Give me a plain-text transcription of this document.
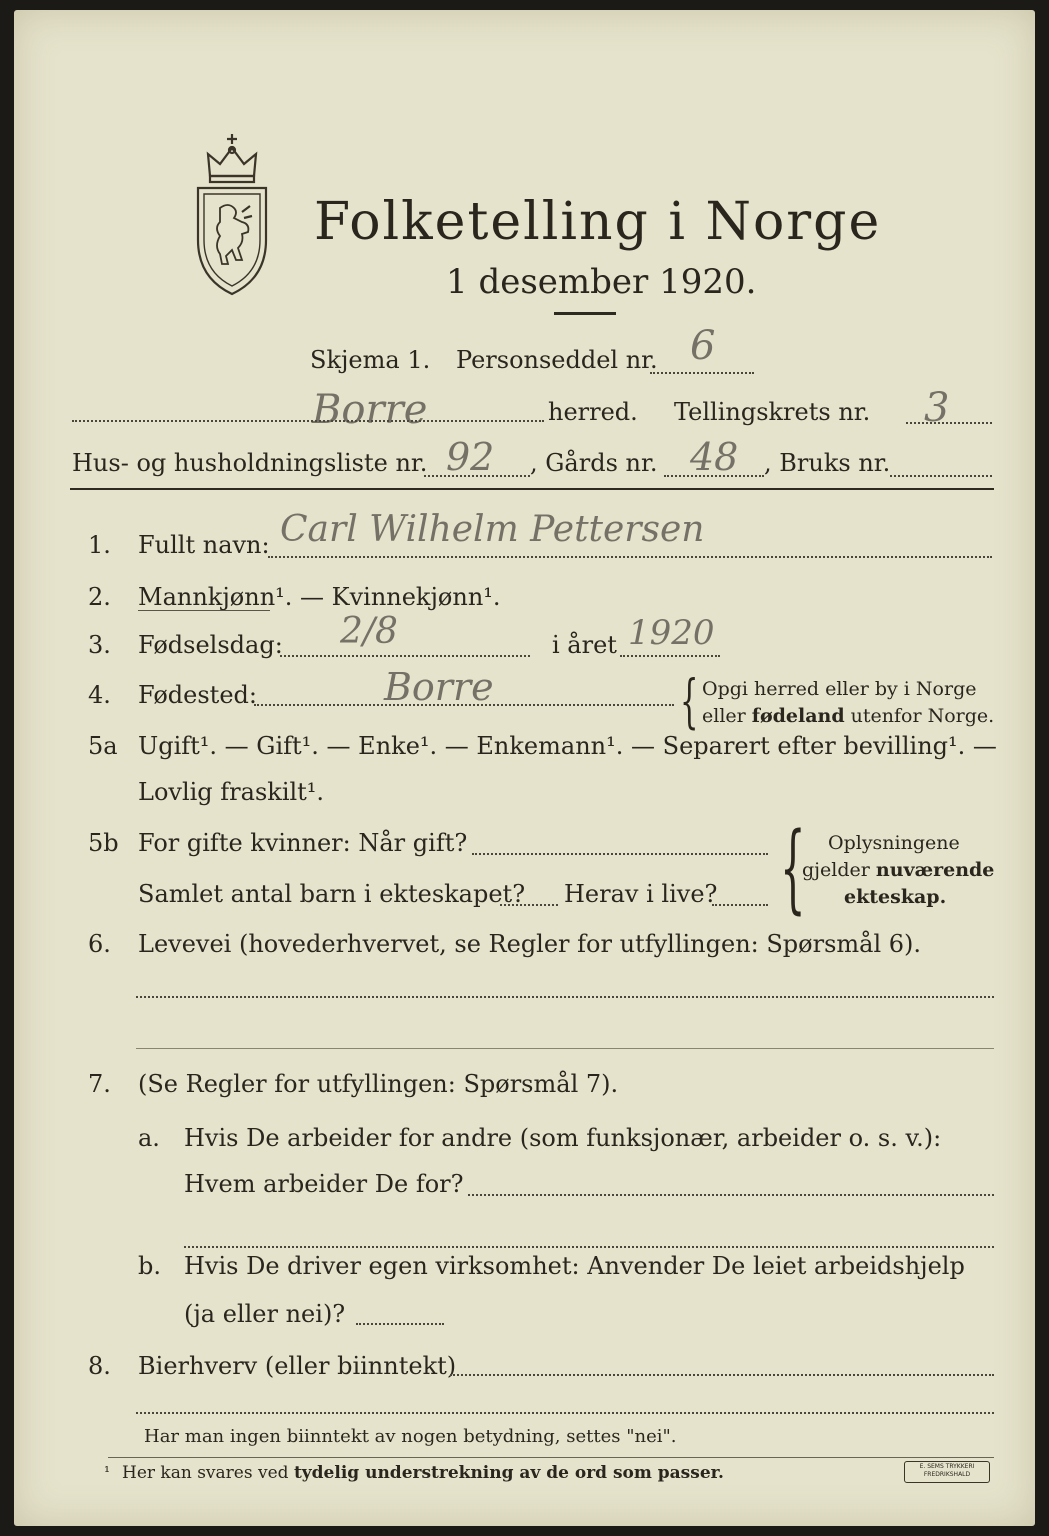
Folketelling i Norge
1 desember 1920.
Skjema 1. Personseddel nr. 6
Borre	herred. Tellingskrets nr. 3
Hus- og husholdningsliste nr. 92 , Gårds nr. 48 , Bruks nr.
1. Fullt navn: Carl Wilhelm Pettersen
2. Mannkjønn¹. — Kvinnekjønn¹.
3. Fødselsdag: 2/8	i året 1920
4. Fødested:	Borre	{ Opgi herred eller by i Norge
eller fødeland utenfor Norge.
5a Ugift¹. — Gift¹. — Enke¹. — Enkemann¹. — Separert efter bevilling¹. —
Lovlig fraskilt¹.
5b For gifte kvinner: Når gift?
Samlet antal barn i ekteskapet? Herav i live? { Oplysningene
gjelder nuværende
ekteskap.
6. Levevei (hovederhvervet, se Regler for utfyllingen: Spørsmål 6).
7. (Se Regler for utfyllingen: Spørsmål 7).
a. Hvis De arbeider for andre (som funksjonær, arbeider o. s. v.):
Hvem arbeider De for?
b. Hvis De driver egen virksomhet: Anvender De leiet arbeidshjelp
(ja eller nei)?
8. Bierhverv (eller biinntekt)
Har man ingen biinntekt av nogen betydning, settes "nei".
¹ Her kan svares ved tydelig understrekning av de ord som passer.	E. SEMS TRYKKERI FREDRIKSHALD
